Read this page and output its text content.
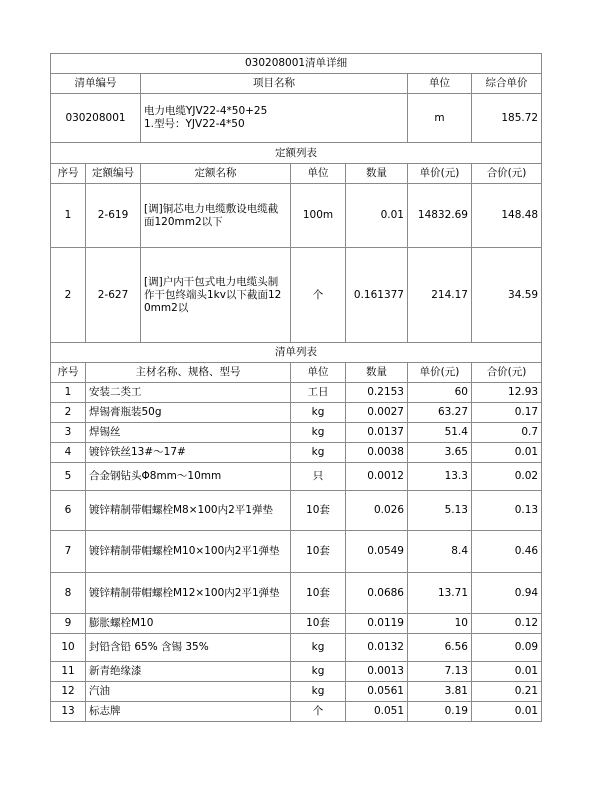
030208001清单详细						
清单编号		项目名称			单位	综合单价
030208001		电力电缆YJV22-4*50+25
1.型号：YJV22-4*50			m	185.72
定额列表						
序号	定额编号	定额名称	单位	数量	单价(元)	合价(元)
1	2-619	[调]铜芯电力电缆敷设电缆截面120mm2以下	100m	0.01	14832.69	148.48
2	2-627	[调]户内干包式电力电缆头制作干包终端头1kv以下截面120mm2以	个	0.161377	214.17	34.59
清单列表						
序号	主材名称、规格、型号		单位	数量	单价(元)	合价(元)
1	安装二类工		工日	0.2153	60	12.93
2	焊锡膏瓶装50g		kg	0.0027	63.27	0.17
3	焊锡丝		kg	0.0137	51.4	0.7
4	镀锌铁丝13#～17#		kg	0.0038	3.65	0.01
5	合金钢钻头Φ8mm～10mm		只	0.0012	13.3	0.02
6	镀锌精制带帽螺栓M8×100内2平1弹垫		10套	0.026	5.13	0.13
7	镀锌精制带帽螺栓M10×100内2平1弹垫		10套	0.0549	8.4	0.46
8	镀锌精制带帽螺栓M12×100内2平1弹垫		10套	0.0686	13.71	0.94
9	膨胀螺栓M10		10套	0.0119	10	0.12
10	封铅含铅 65% 含锡 35%		kg	0.0132	6.56	0.09
11	新青绝缘漆		kg	0.0013	7.13	0.01
12	汽油		kg	0.0561	3.81	0.21
13	标志牌		个	0.051	0.19	0.01
